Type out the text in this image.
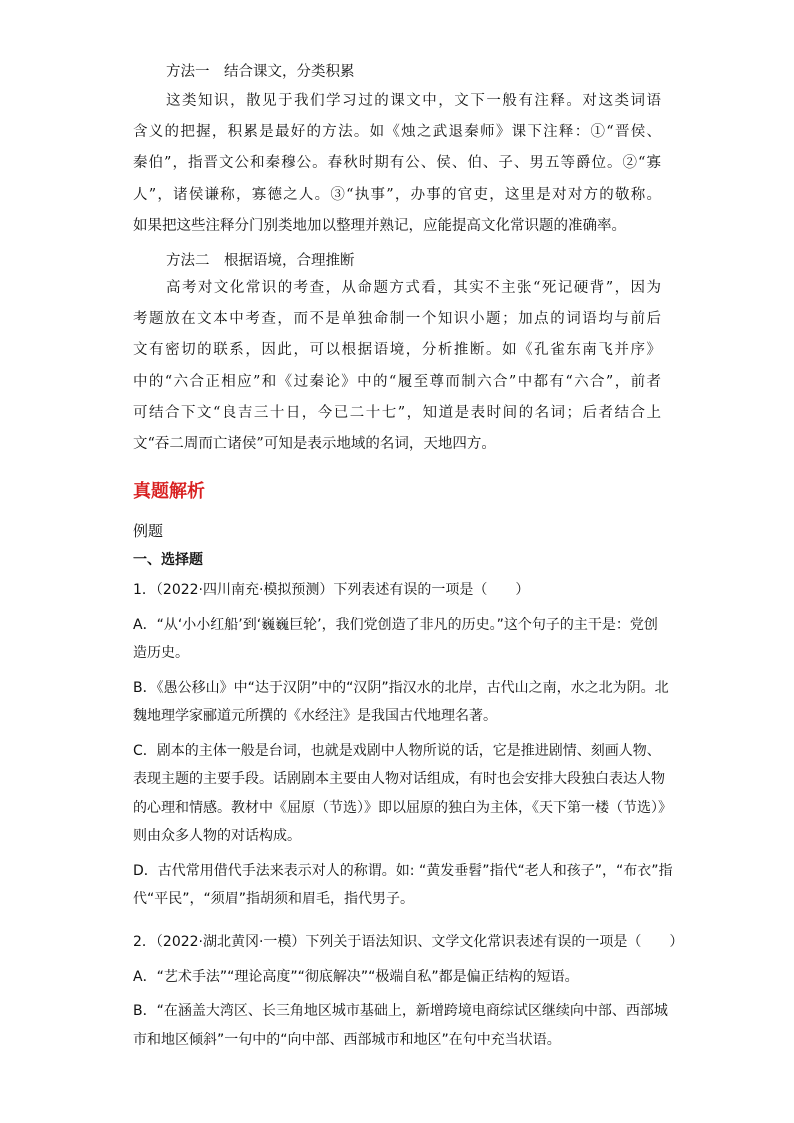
方法一　结合课文，分类积累
这类知识，散见于我们学习过的课文中，文下一般有注释。对这类词语
含义的把握，积累是最好的方法。如《烛之武退秦师》课下注释：①“晋侯、
秦伯”，指晋文公和秦穆公。春秋时期有公、侯、伯、子、男五等爵位。②“寡
人”，诸侯谦称，寡德之人。③“执事”，办事的官吏，这里是对对方的敬称。
如果把这些注释分门别类地加以整理并熟记，应能提高文化常识题的准确率。
方法二　根据语境，合理推断
高考对文化常识的考查，从命题方式看，其实不主张“死记硬背”，因为
考题放在文本中考查，而不是单独命制一个知识小题；加点的词语均与前后
文有密切的联系，因此，可以根据语境，分析推断。如《孔雀东南飞并序》
中的“六合正相应”和《过秦论》中的“履至尊而制六合”中都有“六合”，前者
可结合下文“良吉三十日，今已二十七”，知道是表时间的名词；后者结合上
文“吞二周而亡诸侯”可知是表示地域的名词，天地四方。
真题解析
例题
一、选择题
1．（2022·四川南充·模拟预测）下列表述有误的一项是（　　）
A．“从‘小小红船’到‘巍巍巨轮’，我们党创造了非凡的历史。”这个句子的主干是：党创
造历史。
B．《愚公移山》中“达于汉阴”中的“汉阴”指汉水的北岸，古代山之南，水之北为阴。北
魏地理学家郦道元所撰的《水经注》是我国古代地理名著。
C．剧本的主体一般是台词，也就是戏剧中人物所说的话，它是推进剧情、刻画人物、
表现主题的主要手段。话剧剧本主要由人物对话组成，有时也会安排大段独白表达人物
的心理和情感。教材中《屈原（节选）》即以屈原的独白为主体，《天下第一楼（节选）》
则由众多人物的对话构成。
D．古代常用借代手法来表示对人的称谓。如: “黄发垂髫”指代“老人和孩子”，“布衣”指
代“平民”，“须眉”指胡须和眉毛，指代男子。
2．（2022·湖北黄冈·一模）下列关于语法知识、文学文化常识表述有误的一项是（　　）
A．“艺术手法”“理论高度”“彻底解决”“极端自私”都是偏正结构的短语。
B．“在涵盖大湾区、长三角地区城市基础上，新增跨境电商综试区继续向中部、西部城
市和地区倾斜”一句中的“向中部、西部城市和地区”在句中充当状语。
